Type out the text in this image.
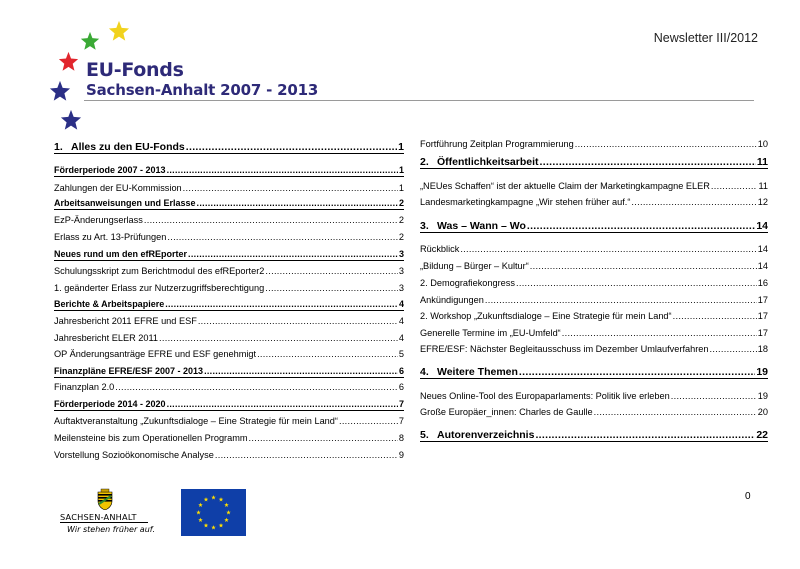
EU-Fonds
Sachsen-Anhalt 2007 - 2013
Newsletter III/2012
1. Alles zu den EU-Fonds .....	1
Förderperiode 2007 - 2013 .....	1
Zahlungen der EU-Kommission .....	1
Arbeitsanweisungen und Erlasse .....	2
EzP-Änderungserlass .....	2
Erlass zu Art. 13-Prüfungen .....	2
Neues rund um den efREporter .....	3
Schulungsskript zum Berichtmodul des efREporter2 .....	3
1. geänderter Erlass zur Nutzerzugriffsberechtigung .....	3
Berichte & Arbeitspapiere .....	4
Jahresbericht 2011 EFRE und ESF .....	4
Jahresbericht ELER 2011 .....	4
OP Änderungsanträge EFRE und ESF genehmigt .....	5
Finanzpläne EFRE/ESF 2007 - 2013 .....	6
Finanzplan 2.0 .....	6
Förderperiode 2014 - 2020 .....	7
Auftaktveranstaltung „Zukunftsdialoge – Eine Strategie für mein Land“ .....	7
Meilensteine bis zum Operationellen Programm .....	8
Vorstellung Sozioökonomische Analyse .....	9
Fortführung Zeitplan Programmierung .....	10
2. Öffentlichkeitsarbeit .....	11
„NEUes Schaffen“ ist der aktuelle Claim der Marketingkampagne ELER .....	11
Landesmarketingkampagne „Wir stehen früher auf.“ .....	12
3. Was – Wann – Wo .....	14
Rückblick .....	14
„Bildung – Bürger – Kultur“ .....	14
2. Demografiekongress .....	16
Ankündigungen .....	17
2. Workshop „Zukunftsdialoge – Eine Strategie für mein Land“ .....	17
Generelle Termine im „EU-Umfeld“ .....	17
EFRE/ESF: Nächster Begleitausschuss im Dezember Umlaufverfahren .....	18
4. Weitere Themen .....	19
Neues Online-Tool des Europaparlaments: Politik live erleben .....	19
Große Europäer_innen: Charles de Gaulle .....	20
5. Autorenverzeichnis .....	22
0
SACHSEN-ANHALT
Wir stehen früher auf.
